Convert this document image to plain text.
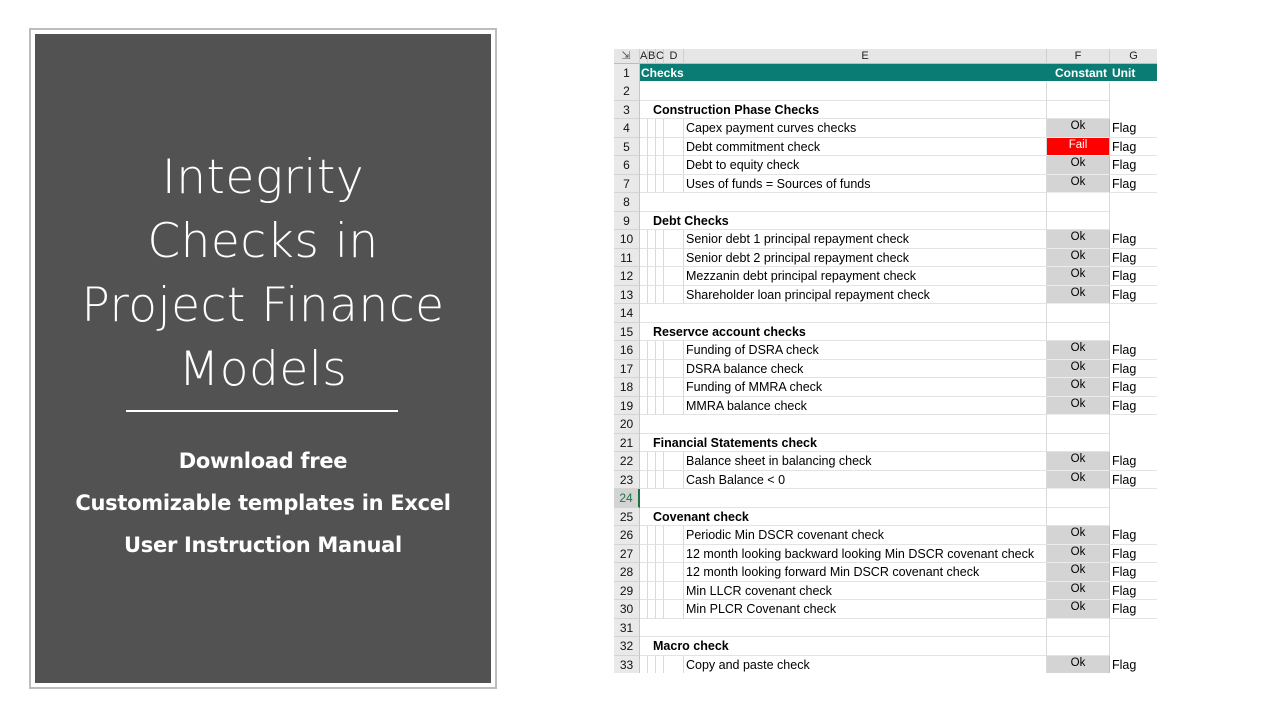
Integrity
Checks in
Project Finance
Models
Download free
Customizable templates in Excel
User Instruction Manual
⇲ A B C D	E	F	G
1 Checks	Constant Unit
2
3	Construction Phase Checks
4	Capex payment curves checks	Ok	Flag
5	Debt commitment check	Fail	Flag
6	Debt to equity check	Ok	Flag
7	Uses of funds = Sources of funds	Ok	Flag
8
9	Debt Checks
10	Senior debt 1 principal repayment check	Ok	Flag
11	Senior debt 2 principal repayment check	Ok	Flag
12	Mezzanin debt principal repayment check	Ok	Flag
13	Shareholder loan principal repayment check	Ok	Flag
14
15	Reservce account checks
16	Funding of DSRA check	Ok	Flag
17	DSRA balance check	Ok	Flag
18	Funding of MMRA check	Ok	Flag
19	MMRA balance check	Ok	Flag
20
21	Financial Statements check
22	Balance sheet in balancing check	Ok	Flag
23	Cash Balance < 0	Ok	Flag
24
25	Covenant check
26	Periodic Min DSCR covenant check	Ok	Flag
27	12 month looking backward looking Min DSCR covenant check	Ok	Flag
28	12 month looking forward Min DSCR covenant check	Ok	Flag
29	Min LLCR covenant check	Ok	Flag
30	Min PLCR Covenant check	Ok	Flag
31
32	Macro check
33	Copy and paste check	Ok	Flag
